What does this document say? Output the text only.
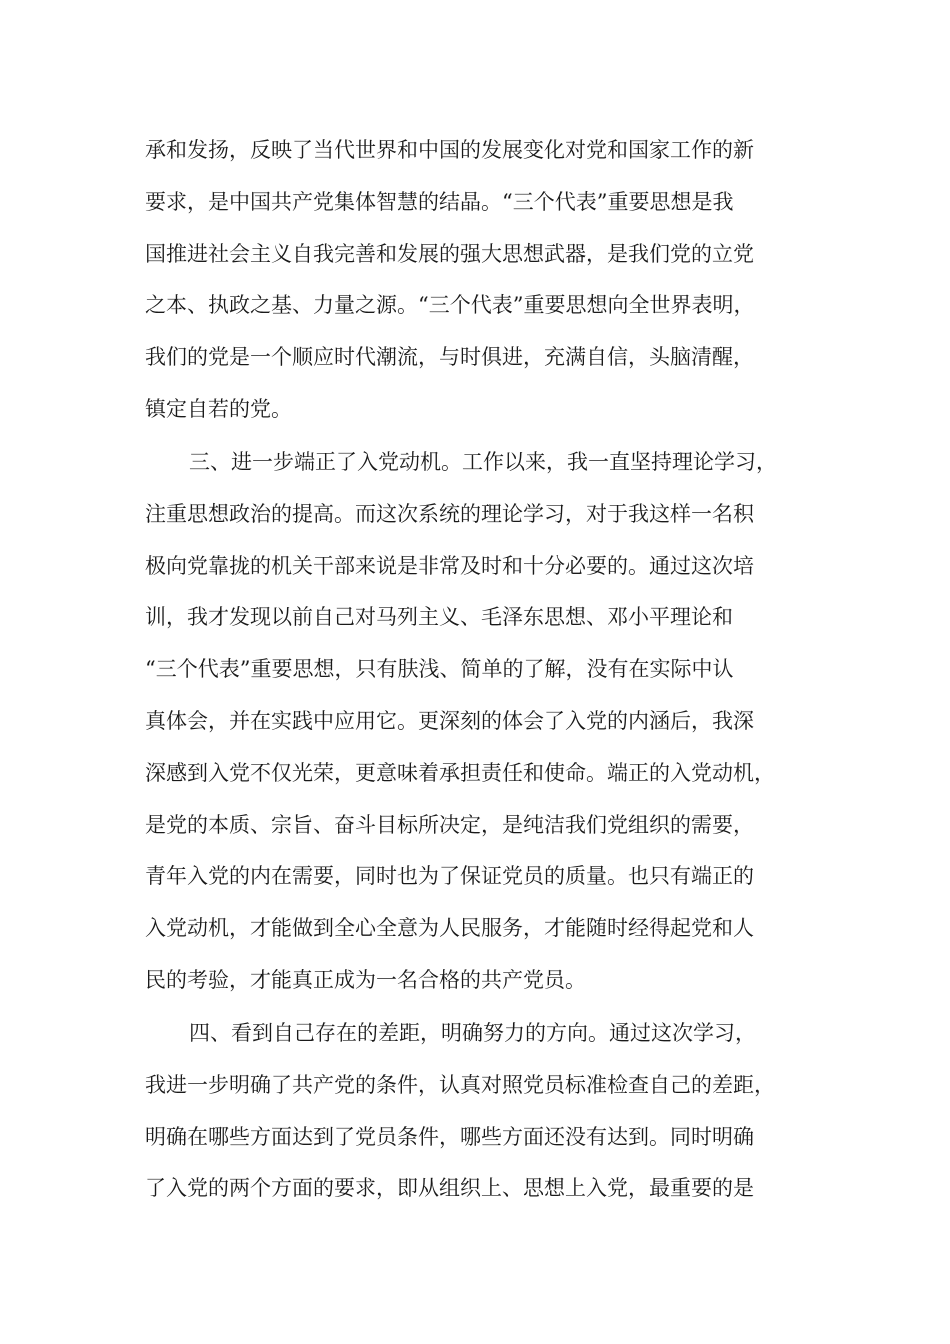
承和发扬，反映了当代世界和中国的发展变化对党和国家工作的新
要求，是中国共产党集体智慧的结晶。“三个代表”重要思想是我
国推进社会主义自我完善和发展的强大思想武器，是我们党的立党
之本、执政之基、力量之源。“三个代表”重要思想向全世界表明，
我们的党是一个顺应时代潮流，与时俱进，充满自信，头脑清醒，
镇定自若的党。
三、进一步端正了入党动机。工作以来，我一直坚持理论学习，
注重思想政治的提高。而这次系统的理论学习，对于我这样一名积
极向党靠拢的机关干部来说是非常及时和十分必要的。通过这次培
训，我才发现以前自己对马列主义、毛泽东思想、邓小平理论和
“三个代表”重要思想，只有肤浅、简单的了解，没有在实际中认
真体会，并在实践中应用它。更深刻的体会了入党的内涵后，我深
深感到入党不仅光荣，更意味着承担责任和使命。端正的入党动机，
是党的本质、宗旨、奋斗目标所决定，是纯洁我们党组织的需要，
青年入党的内在需要，同时也为了保证党员的质量。也只有端正的
入党动机，才能做到全心全意为人民服务，才能随时经得起党和人
民的考验，才能真正成为一名合格的共产党员。
四、看到自己存在的差距，明确努力的方向。通过这次学习，
我进一步明确了共产党的条件，认真对照党员标准检查自己的差距，
明确在哪些方面达到了党员条件，哪些方面还没有达到。同时明确
了入党的两个方面的要求，即从组织上、思想上入党，最重要的是
